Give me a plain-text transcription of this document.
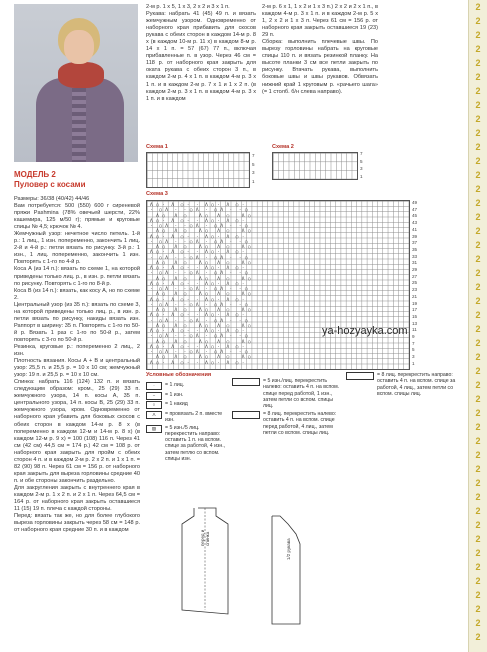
2
2
2
2
2
2
2
2
2
2
2
2
2
2
2
2
2
2
2
2
2
2
2
2
2
2
2
2
2
2
2
2
2
2
2
2
2
2
2
2
2
2
2
2
2
2
МОДЕЛЬ 2
Пуловер с косами

Размеры: 36/38 (40/42) 44/46

Вам потребуется: 500 (550) 600 г сиреневой пряжи Pashmina (78% овечьей шерсти, 22% кашемира, 125 м/50 г); прямые и круговые спицы № 4,5; крючок № 4.

Жемчужный узор: нечетное число петель. 1-й р.: 1 лиц., 1 изн. попеременно, закончить 1 лиц. 2-й и 4-й р.: петли вязать по рисунку. 3-й р.: 1 изн., 1 лиц. попеременно, закончить 1 изн. Повторять с 1-го по 4-й р.

Коса А (из 14 п.): вязать по схеме 1, на которой приведены только лиц. р., в изн. р. петли вязать по рисунку. Повторять с 1-го по 8-й р.

Коса В (из 14 п.): вязать, как косу А, но по схеме 2.

Центральный узор (из 35 п.): вязать по схеме 3, на которой приведены только лиц. р., в изн. р. петли вязать по рисунку, накиды вязать изн. Раппорт в ширину: 35 п. Повторять с 1-го по 50-й р. Вязать 1 раз с 1-го по 50-й р., затем повторять с 3-го по 50-й р.

Резинка, круговые р.: попеременно 2 лиц., 2 изн.

Плотность вязания. Косы А + В и центральный узор: 25,5 п. и 25,5 р. = 10 х 10 см; жемчужный узор: 19 п. и 25,5 р. = 10 х 10 см.

Спинка: набрать 116 (124) 132 п. и вязать следующим образом: кром., 25 (29) 33 п. жемчужного узора, 14 п. косы А, 35 п. центрального узора, 14 п. косы В, 25 (29) 33 п. жемчужного узора, кром. Одновременно от наборного края убавить для боковых скосов с обеих сторон в каждом 14-м р. 8 х (в попеременно в каждом 12-м и 14-м р. 8 х) (в каждом 12-м р. 9 х) = 100 (108) 116 п. Через 41 см (42 см) 44,5 см = 174 р.) 42 см = 108 р. от наборного края закрыть для пройм с обеих сторон 4 п. и в каждом 2-м р. 2 х 2 п. и 1 х 1 п. = 82 (90) 98 п. Через 61 см = 156 р. от наборного края закрыть для выреза горловины средние 40 п. и обе стороны закончить раздельно.

Для закругления закрыть с внутреннего края в каждом 2-м р. 1 х 2 п. и 2 х 1 п. Через 64,5 см = 164 р. от наборного края закрыть оставшиеся 11 (15) 19 п. плеча с каждой стороны.

Перед: вязать так же, но для более глубокого выреза горловины закрыть через 58 см = 148 р. от наборного края средние 30 п. и в каждом

2-м р. 1 х 5, 1 х 3, 2 х 2 и 3 х 1 п.

Рукава: набрать 41 (45) 49 п. и вязать жемчужным узором. Одновременно от наборного края прибавить для скосов рукава с обеих сторон в каждом 14-м р. 8 х (в каждом 10-м р. 11 х) в каждом 8-м р. 14 х 1 п. = 57 (67) 77 п., включая прибавленные п. в узор. Через 46 см = 118 р. от наборного края закрыть для окатa рукава с обеих сторон 3 п., в каждом 2-м р. 4 х 1 п. в каждом 4-м р. 3 х 1 п. и в каждом 2-м р. 7 х 1 и 1 х 2 п. (в каждом 2-м р. 3 х 1 п. в каждом 4-м р. 3 х 1 п. и в каждом

2-м р. 6 х 1, 1 х 2 и 1 х 3 п.) 2 х 2 и 2 х 1 п., в каждом 4-м р. 3 х 1 п. и в каждом 2-м р. 5 х 1, 2 х 2 и 1 х 3 п. Через 61 см = 156 р. от наборного края закрыть оставшиеся 19 (23) 29 п.

Сборка: выполнить плечевые швы. По вырезу горловины набрать на круговые спицы 110 п. и вязать резинкой планку. На высоте планки 3 см все петли закрыть по рисунку. Втачать рукава, выполнить боковые швы и швы рукавов. Обвязать нижний край 1 круговым р. «рачьего шага» (= 1 столб. б/н слева направо).

Схема 1
7
5
3
1
Схема 2
7
5
3
1
Схема 3
Λ ○ ·  Λ  ○ ·  ·  Λ ○ ·  Λ  ○ ·
·  ○ Λ  ·  · ○ Λ  ·  ○ Λ  ·  · ○
Λ ○   Λ  ○    Λ ○   Λ  ○    Λ ○
Λ ○ ·  Λ  ○ ·  ·  Λ ○ ·  Λ  ○ ·
·  ○ Λ  ·  · ○ Λ  ·  ○ Λ  ·  · ○
Λ ○   Λ  ○    Λ ○   Λ  ○    Λ ○
Λ ○ ·  Λ  ○ ·  ·  Λ ○ ·  Λ  ○ ·
·  ○ Λ  ·  · ○ Λ  ·  ○ Λ  ·  · ○
Λ ○   Λ  ○    Λ ○   Λ  ○    Λ ○
Λ ○ ·  Λ  ○ ·  ·  Λ ○ ·  Λ  ○ ·
·  ○ Λ  ·  · ○ Λ  ·  ○ Λ  ·  · ○
Λ ○   Λ  ○    Λ ○   Λ  ○    Λ ○
Λ ○ ·  Λ  ○ ·  ·  Λ ○ ·  Λ  ○ ·
·  ○ Λ  ·  · ○ Λ  ·  ○ Λ  ·  · ○
Λ ○   Λ  ○    Λ ○   Λ  ○    Λ ○
Λ ○ ·  Λ  ○ ·  ·  Λ ○ ·  Λ  ○ ·
·  ○ Λ  ·  · ○ Λ  ·  ○ Λ  ·  · ○
Λ ○   Λ  ○    Λ ○   Λ  ○    Λ ○
Λ ○ ·  Λ  ○ ·  ·  Λ ○ ·  Λ  ○ ·
·  ○ Λ  ·  · ○ Λ  ·  ○ Λ  ·  · ○
Λ ○   Λ  ○    Λ ○   Λ  ○    Λ ○
Λ ○ ·  Λ  ○ ·  ·  Λ ○ ·  Λ  ○ ·
·  ○ Λ  ·  · ○ Λ  ·  ○ Λ  ·  · ○
Λ ○   Λ  ○    Λ ○   Λ  ○    Λ ○
Λ ○ ·  Λ  ○ ·  ·  Λ ○ ·  Λ  ○ ·
·  ○ Λ  ·  · ○ Λ  ·  ○ Λ  ·  · ○
Λ ○   Λ  ○    Λ ○   Λ  ○    Λ ○
Λ ○ ·  Λ  ○ ·  ·  Λ ○ ·  Λ  ○ ·
·  ○ Λ  ·  · ○ Λ  ·  ○ Λ  ·  · ○
Λ ○   Λ  ○    Λ ○   Λ  ○    Λ ○
Λ ○ ·  Λ  ○ ·  ·  Λ ○ ·  Λ  ○ ·

49
47
45
43
41
39
37
35
33
31
29
27
25
23
21
19
17
15
13
11
9
7
5
3
1
ya-hozyayka.com
Условные обозначения
·	= 1 лиц.
−	= 1 изн.
○	= 1 накид
Λ	= провязать 2 п. вместе изн.
▨	= 5 изн./5 лиц. перекрестить направо: оставить 1 п. на вспом. спице за работой, 4 изн., затем петлю со вспом. спицы изн.
= 5 изн./лиц. перекрестить налево: оставить 4 п. на вспом. спице перед работой, 1 изн., затем петли со вспом. спицы лиц.
= 8 лиц. перекрестить налево: оставить 4 п. на вспом. спице перед работой, 4 лиц., затем петли со вспом. спицы лиц.
= 8 лиц. перекрестить направо: оставить 4 п. на вспом. спице за работой, 4 лиц., затем петли со вспом. спицы лиц.
перед и спинка	1/2 рукава
